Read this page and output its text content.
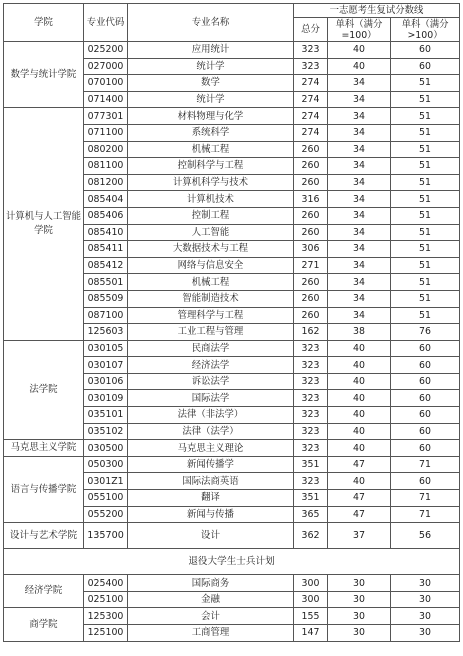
学院	专业代码	专业名称	一志愿考生复试分数线		
			总分	单科（满分=100）	单科（满分>100）
数学与统计学院	025200	应用统计	323	40	60
	027000	统计学	323	40	60
	070100	数学	274	34	51
	071400	统计学	274	34	51
计算机与人工智能学院	077301	材料物理与化学	274	34	51
	071100	系统科学	274	34	51
	080200	机械工程	260	34	51
	081100	控制科学与工程	260	34	51
	081200	计算机科学与技术	260	34	51
	085404	计算机技术	316	34	51
	085406	控制工程	260	34	51
	085410	人工智能	260	34	51
	085411	大数据技术与工程	306	34	51
	085412	网络与信息安全	271	34	51
	085501	机械工程	260	34	51
	085509	智能制造技术	260	34	51
	087100	管理科学与工程	260	34	51
	125603	工业工程与管理	162	38	76
法学院	030105	民商法学	323	40	60
	030107	经济法学	323	40	60
	030106	诉讼法学	323	40	60
	030109	国际法学	323	40	60
	035101	法律（非法学）	323	40	60
	035102	法律（法学）	323	40	60
马克思主义学院	030500	马克思主义理论	323	40	60
语言与传播学院	050300	新闻传播学	351	47	71
	0301Z1	国际法商英语	323	40	60
	055100	翻译	351	47	71
	055200	新闻与传播	365	47	71
设计与艺术学院	135700	设计	362	37	56
退役大学生士兵计划					
经济学院	025400	国际商务	300	30	30
	025100	金融	300	30	30
商学院	125300	会计	155	30	30
	125100	工商管理	147	30	30
